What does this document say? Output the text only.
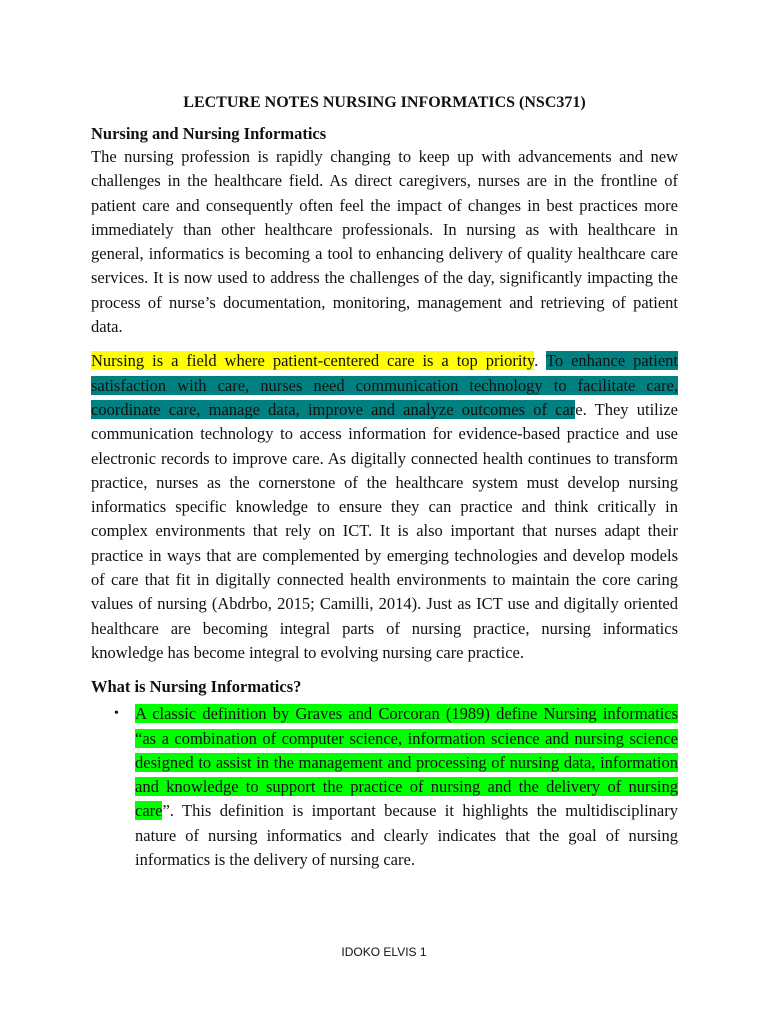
LECTURE NOTES NURSING INFORMATICS (NSC371)
Nursing and Nursing Informatics

The nursing profession is rapidly changing to keep up with advancements and new challenges in the healthcare field. As direct caregivers, nurses are in the frontline of patient care and consequently often feel the impact of changes in best practices more immediately than other healthcare professionals. In nursing as with healthcare in general, informatics is becoming a tool to enhancing delivery of quality healthcare care services. It is now used to address the challenges of the day, significantly impacting the process of nurse’s documentation, monitoring, management and retrieving of patient data.

Nursing is a field where patient-centered care is a top priority. To enhance patient satisfaction with care, nurses need communication technology to facilitate care, coordinate care, manage data, improve and analyze outcomes of care. They utilize communication technology to access information for evidence-based practice and use electronic records to improve care. As digitally connected health continues to transform practice, nurses as the cornerstone of the healthcare system must develop nursing informatics specific knowledge to ensure they can practice and think critically in complex environments that rely on ICT. It is also important that nurses adapt their practice in ways that are complemented by emerging technologies and develop models of care that fit in digitally connected health environments to maintain the core caring values of nursing (Abdrbo, 2015; Camilli, 2014). Just as ICT use and digitally oriented healthcare are becoming integral parts of nursing practice, nursing informatics knowledge has become integral to evolving nursing care practice.

What is Nursing Informatics?
• A classic definition by Graves and Corcoran (1989) define Nursing informatics “as a combination of computer science, information science and nursing science designed to assist in the management and processing of nursing data, information and knowledge to support the practice of nursing and the delivery of nursing care”. This definition is important because it highlights the multidisciplinary nature of nursing informatics and clearly indicates that the goal of nursing informatics is the delivery of nursing care.
IDOKO ELVIS 1
